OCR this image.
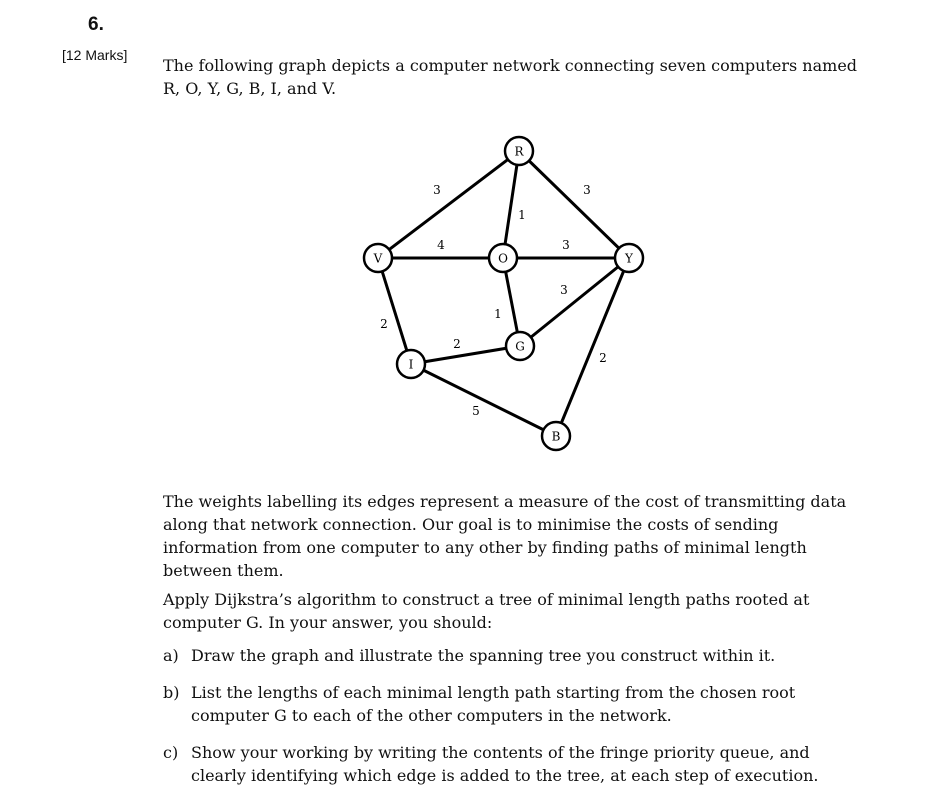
6.
[12 Marks]

The following graph depicts a computer network connecting seven computers named R, O, Y, G, B, I, and V.

3	3
1
4	3
1
3
2
2
5
2
R
O	Y
G
B
I
V

The weights labelling its edges represent a measure of the cost of transmitting data along that network connection. Our goal is to minimise the costs of sending information from one computer to any other by finding paths of minimal length between them.

Apply Dijkstra’s algorithm to construct a tree of minimal length paths rooted at computer G. In your answer, you should:

a) Draw the graph and illustrate the spanning tree you construct within it.
b) List the lengths of each minimal length path starting from the chosen root computer G to each of the other computers in the network.
c) Show your working by writing the contents of the fringe priority queue, and clearly identifying which edge is added to the tree, at each step of execution.
